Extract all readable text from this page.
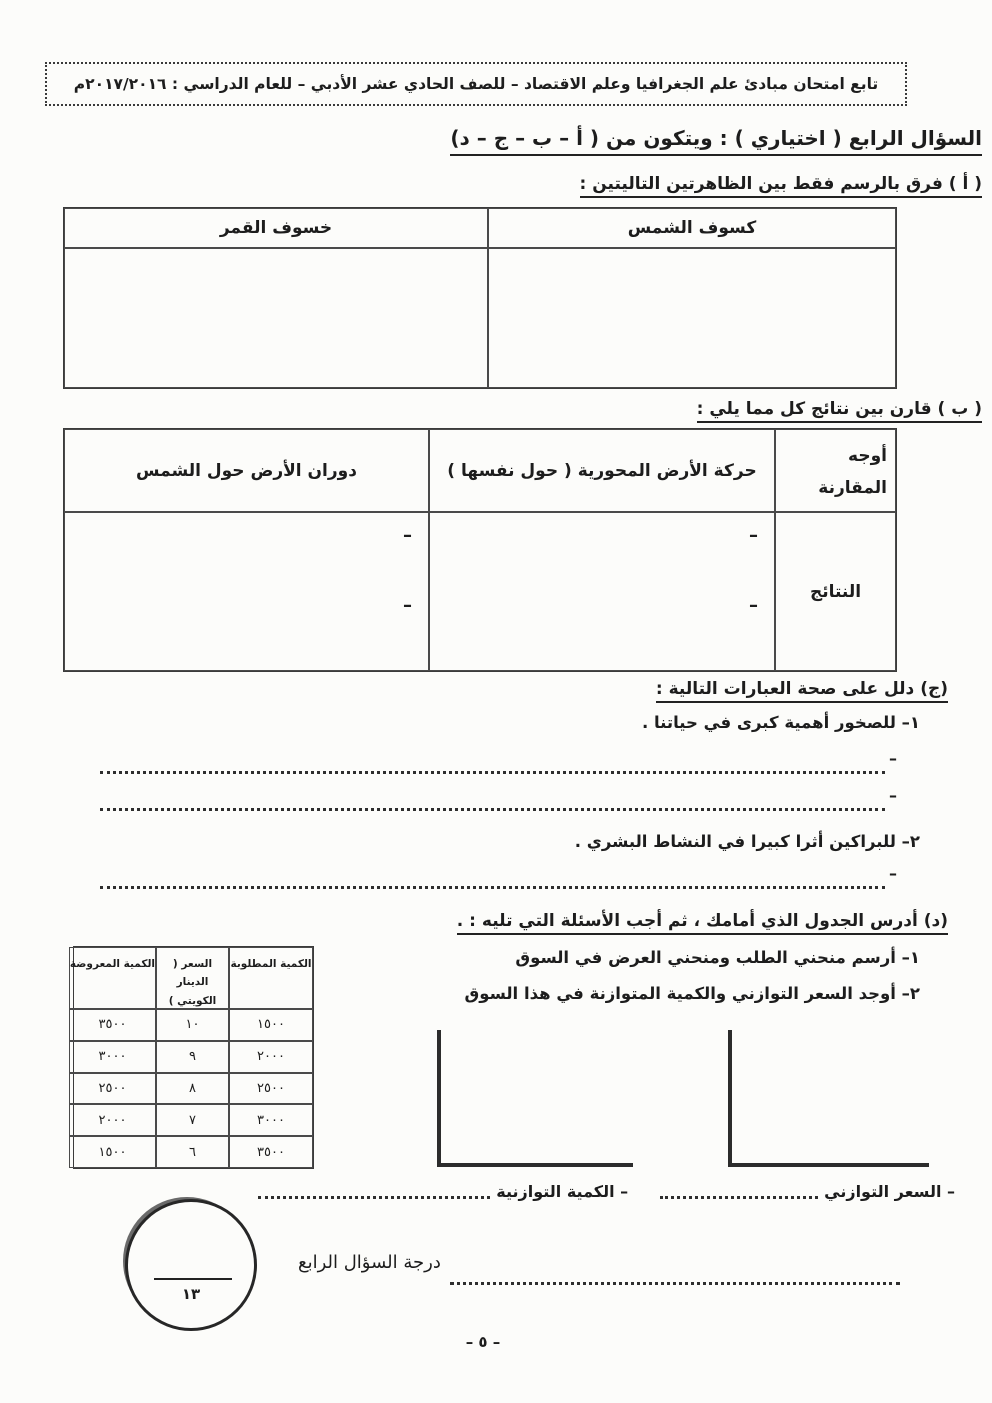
تابع امتحان مبادئ علم الجغرافيا وعلم الاقتصاد – للصف الحادي عشر الأدبي – للعام الدراسي : ٢٠١٧/٢٠١٦م
السؤال الرابع ( اختياري ) : ويتكون من ( أ – ب – ج – د)
( أ ) فرق بالرسم فقط بين الظاهرتين التاليتين :
كسوف الشمس
خسوف القمر
( ب ) قارن بين نتائج كل مما يلي :
أوجه
المقارنة
حركة الأرض المحورية ( حول نفسها )
دوران الأرض حول الشمس
النتائج
–
–
–
–
(ج) دلل على صحة العبارات التالية :
١– للصخور أهمية كبرى في حياتنا .
–
–
٢– للبراكين أثرا كبيرا في النشاط البشري .
–
(د) أدرس الجدول الذي أمامك ، ثم أجب الأسئلة التي تليه : .
١– أرسم منحني الطلب ومنحني العرض في السوق
٢– أوجد السعر التوازني والكمية المتوازنة في هذا السوق
الكمية المطلوبة
السعر ( الدينار الكويتي )
الكمية المعروضة
١٥٠٠
١٠
٣٥٠٠
٢٠٠٠
٩
٣٠٠٠
٢٥٠٠
٨
٢٥٠٠
٣٠٠٠
٧
٢٠٠٠
٣٥٠٠
٦
١٥٠٠
– السعر التوازني
– الكمية التوازنية
١٣
درجة السؤال الرابع
– ٥ –
